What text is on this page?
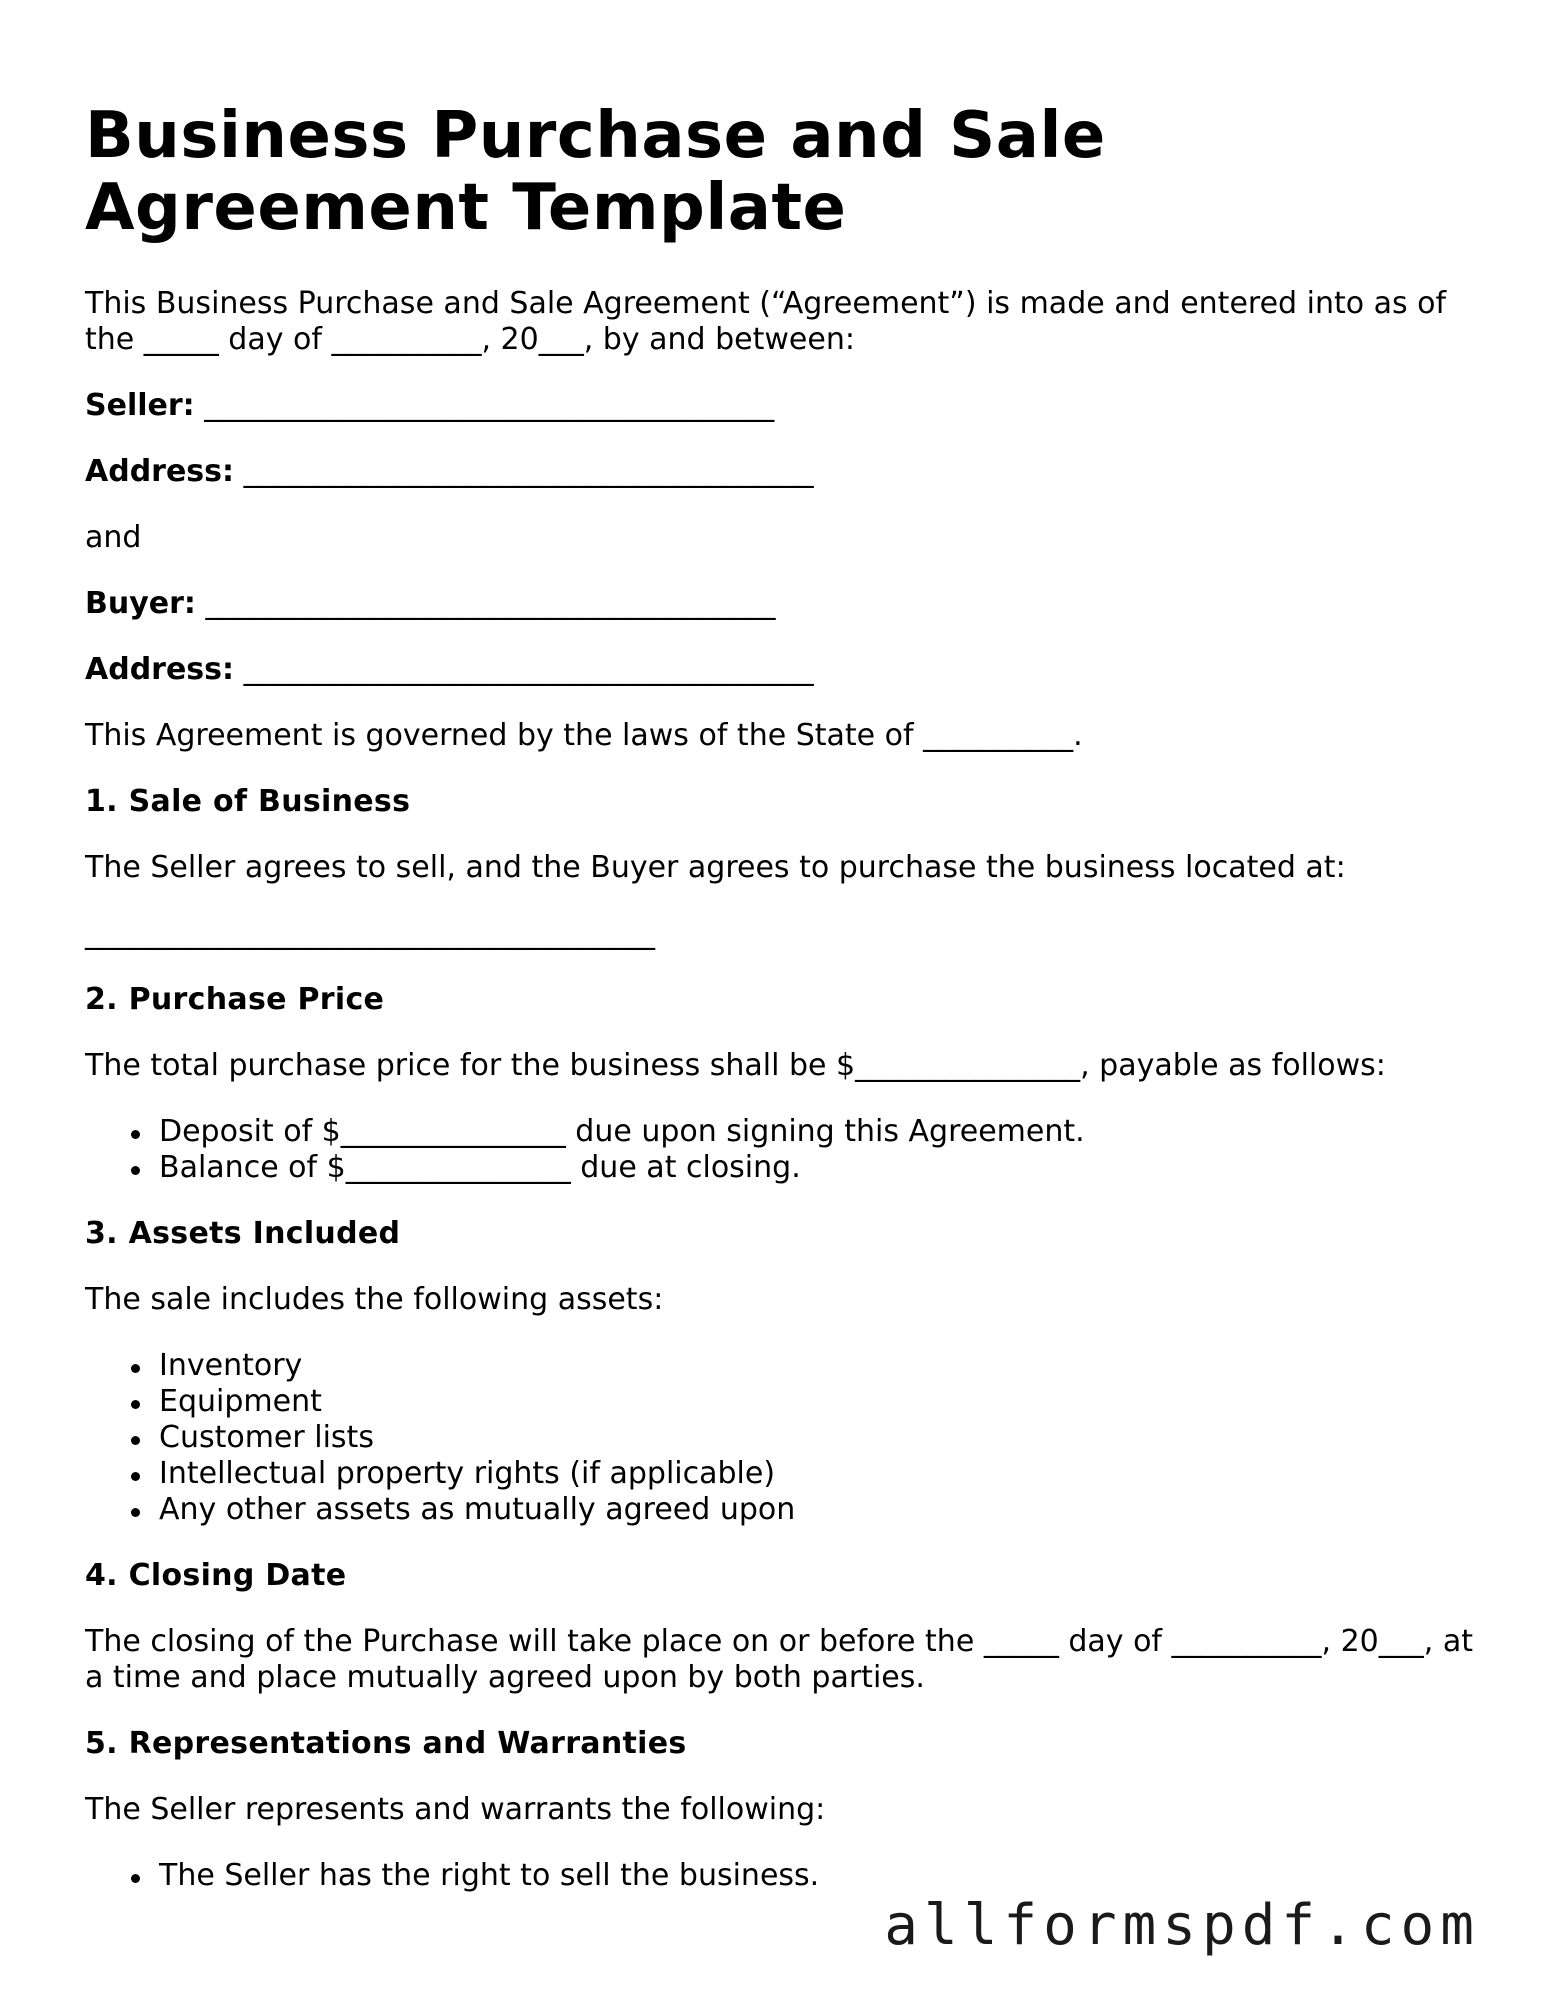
Business Purchase and Sale Agreement Template

This Business Purchase and Sale Agreement (“Agreement”) is made and entered into as of the _____ day of __________, 20___, by and between:

Seller: ______________________________________

Address: ______________________________________

and

Buyer: ______________________________________

Address: ______________________________________

This Agreement is governed by the laws of the State of __________.

1. Sale of Business

The Seller agrees to sell, and the Buyer agrees to purchase the business located at:

______________________________________

2. Purchase Price

The total purchase price for the business shall be $_______________, payable as follows:

Deposit of $_______________ due upon signing this Agreement.
Balance of $_______________ due at closing.
3. Assets Included

The sale includes the following assets:

Inventory
Equipment
Customer lists
Intellectual property rights (if applicable)
Any other assets as mutually agreed upon
4. Closing Date

The closing of the Purchase will take place on or before the _____ day of __________, 20___, at a time and place mutually agreed upon by both parties.

5. Representations and Warranties

The Seller represents and warrants the following:

The Seller has the right to sell the business.
allformspdf.com
